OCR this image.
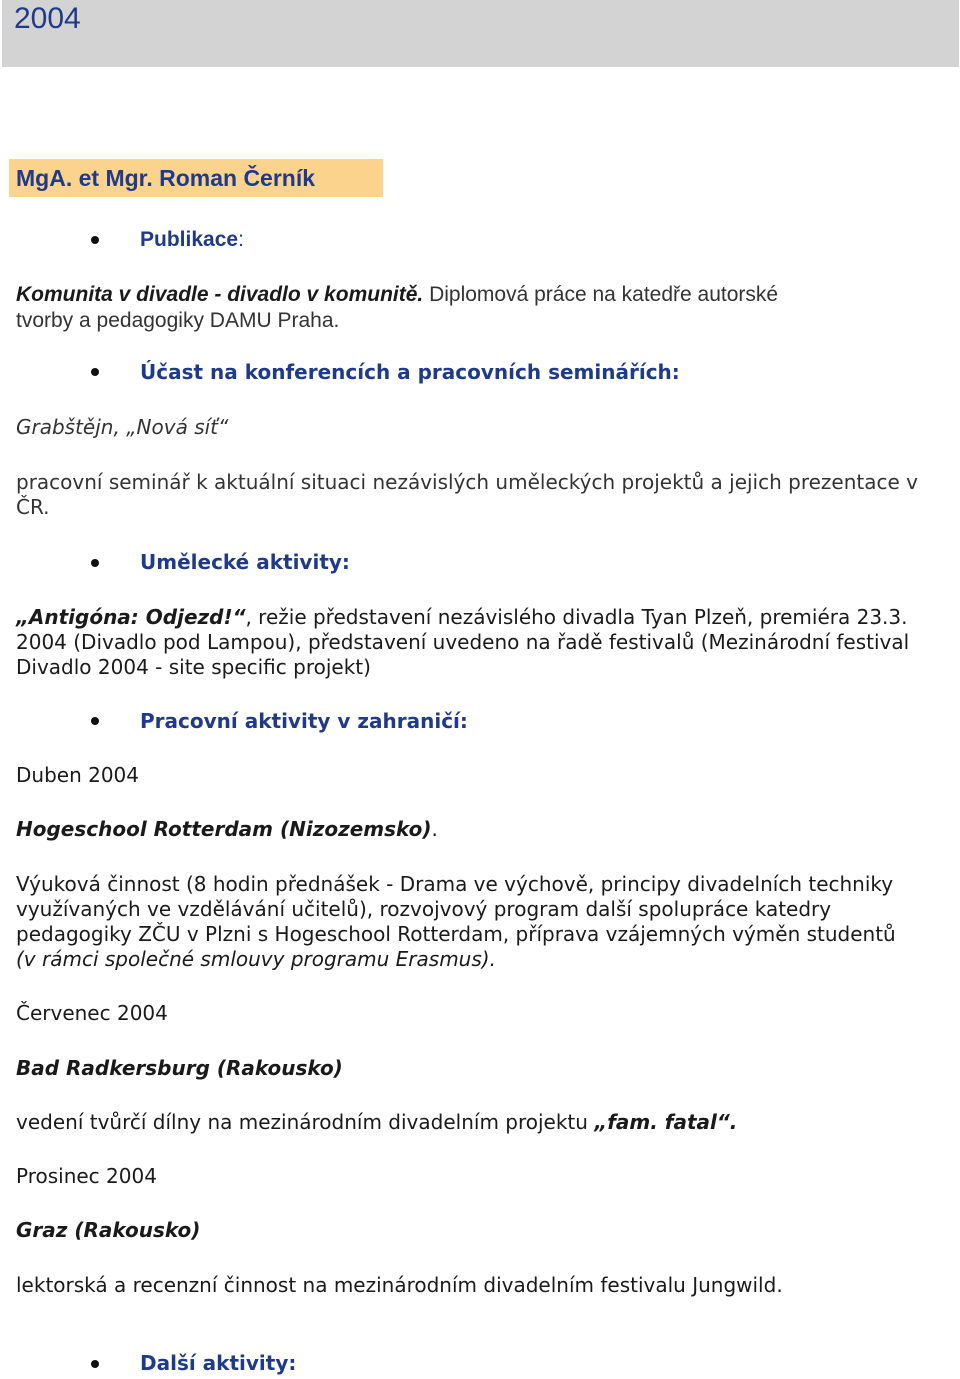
2004
MgA. et Mgr. Roman Černík
Publikace:
Komunita v divadle - divadlo v komunitě. Diplomová práce na katedře autorské
tvorby a pedagogiky DAMU Praha.
Účast na konferencích a pracovních seminářích:
Grabštějn, „Nová síť“
pracovní seminář k aktuální situaci nezávislých uměleckých projektů a jejich prezentace v
ČR.
Umělecké aktivity:
„Antigóna: Odjezd!“, režie představení nezávislého divadla Tyan Plzeň, premiéra 23.3.
2004 (Divadlo pod Lampou), představení uvedeno na řadě festivalů (Mezinárodní festival
Divadlo 2004 - site specific projekt)
Pracovní aktivity v zahraničí:
Duben 2004
Hogeschool Rotterdam (Nizozemsko).
Výuková činnost (8 hodin přednášek - Drama ve výchově, principy divadelních techniky
využívaných ve vzdělávání učitelů), rozvojvový program další spolupráce katedry
pedagogiky ZČU v Plzni s Hogeschool Rotterdam, příprava vzájemných výměn studentů
(v rámci společné smlouvy programu Erasmus).
Červenec 2004
Bad Radkersburg (Rakousko)
vedení tvůrčí dílny na mezinárodním divadelním projektu „fam. fatal“.
Prosinec 2004
Graz (Rakousko)
lektorská a recenzní činnost na mezinárodním divadelním festivalu Jungwild.
Další aktivity:
